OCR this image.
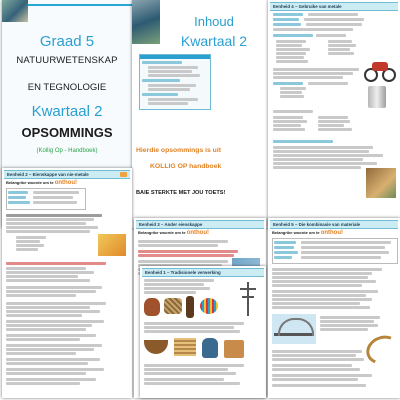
Graad 5
NATUURWETENSKAP
EN TEGNOLOGIE
Kwartaal 2
OPSOMMINGS
(Kollig Op - Handboek)
Inhoud
Kwartaal 2
Hierdie opsommings is uit
KOLLIG OP handboek
BAIE STERKTE MET JOU TOETS!
Eenheid 4 – Gebruike van metale
Eenheid 2 – Eienskappe van nie-metale
Belangrike woorde om te onthou!
Eenheid 3 – Ander eienskappe
Belangrike woorde om te onthou!
Eenheid 1 – Tradisionele verwerking
Eenheid 5 – Die kombinasie van materiale
Belangrike woorde om te onthou!
